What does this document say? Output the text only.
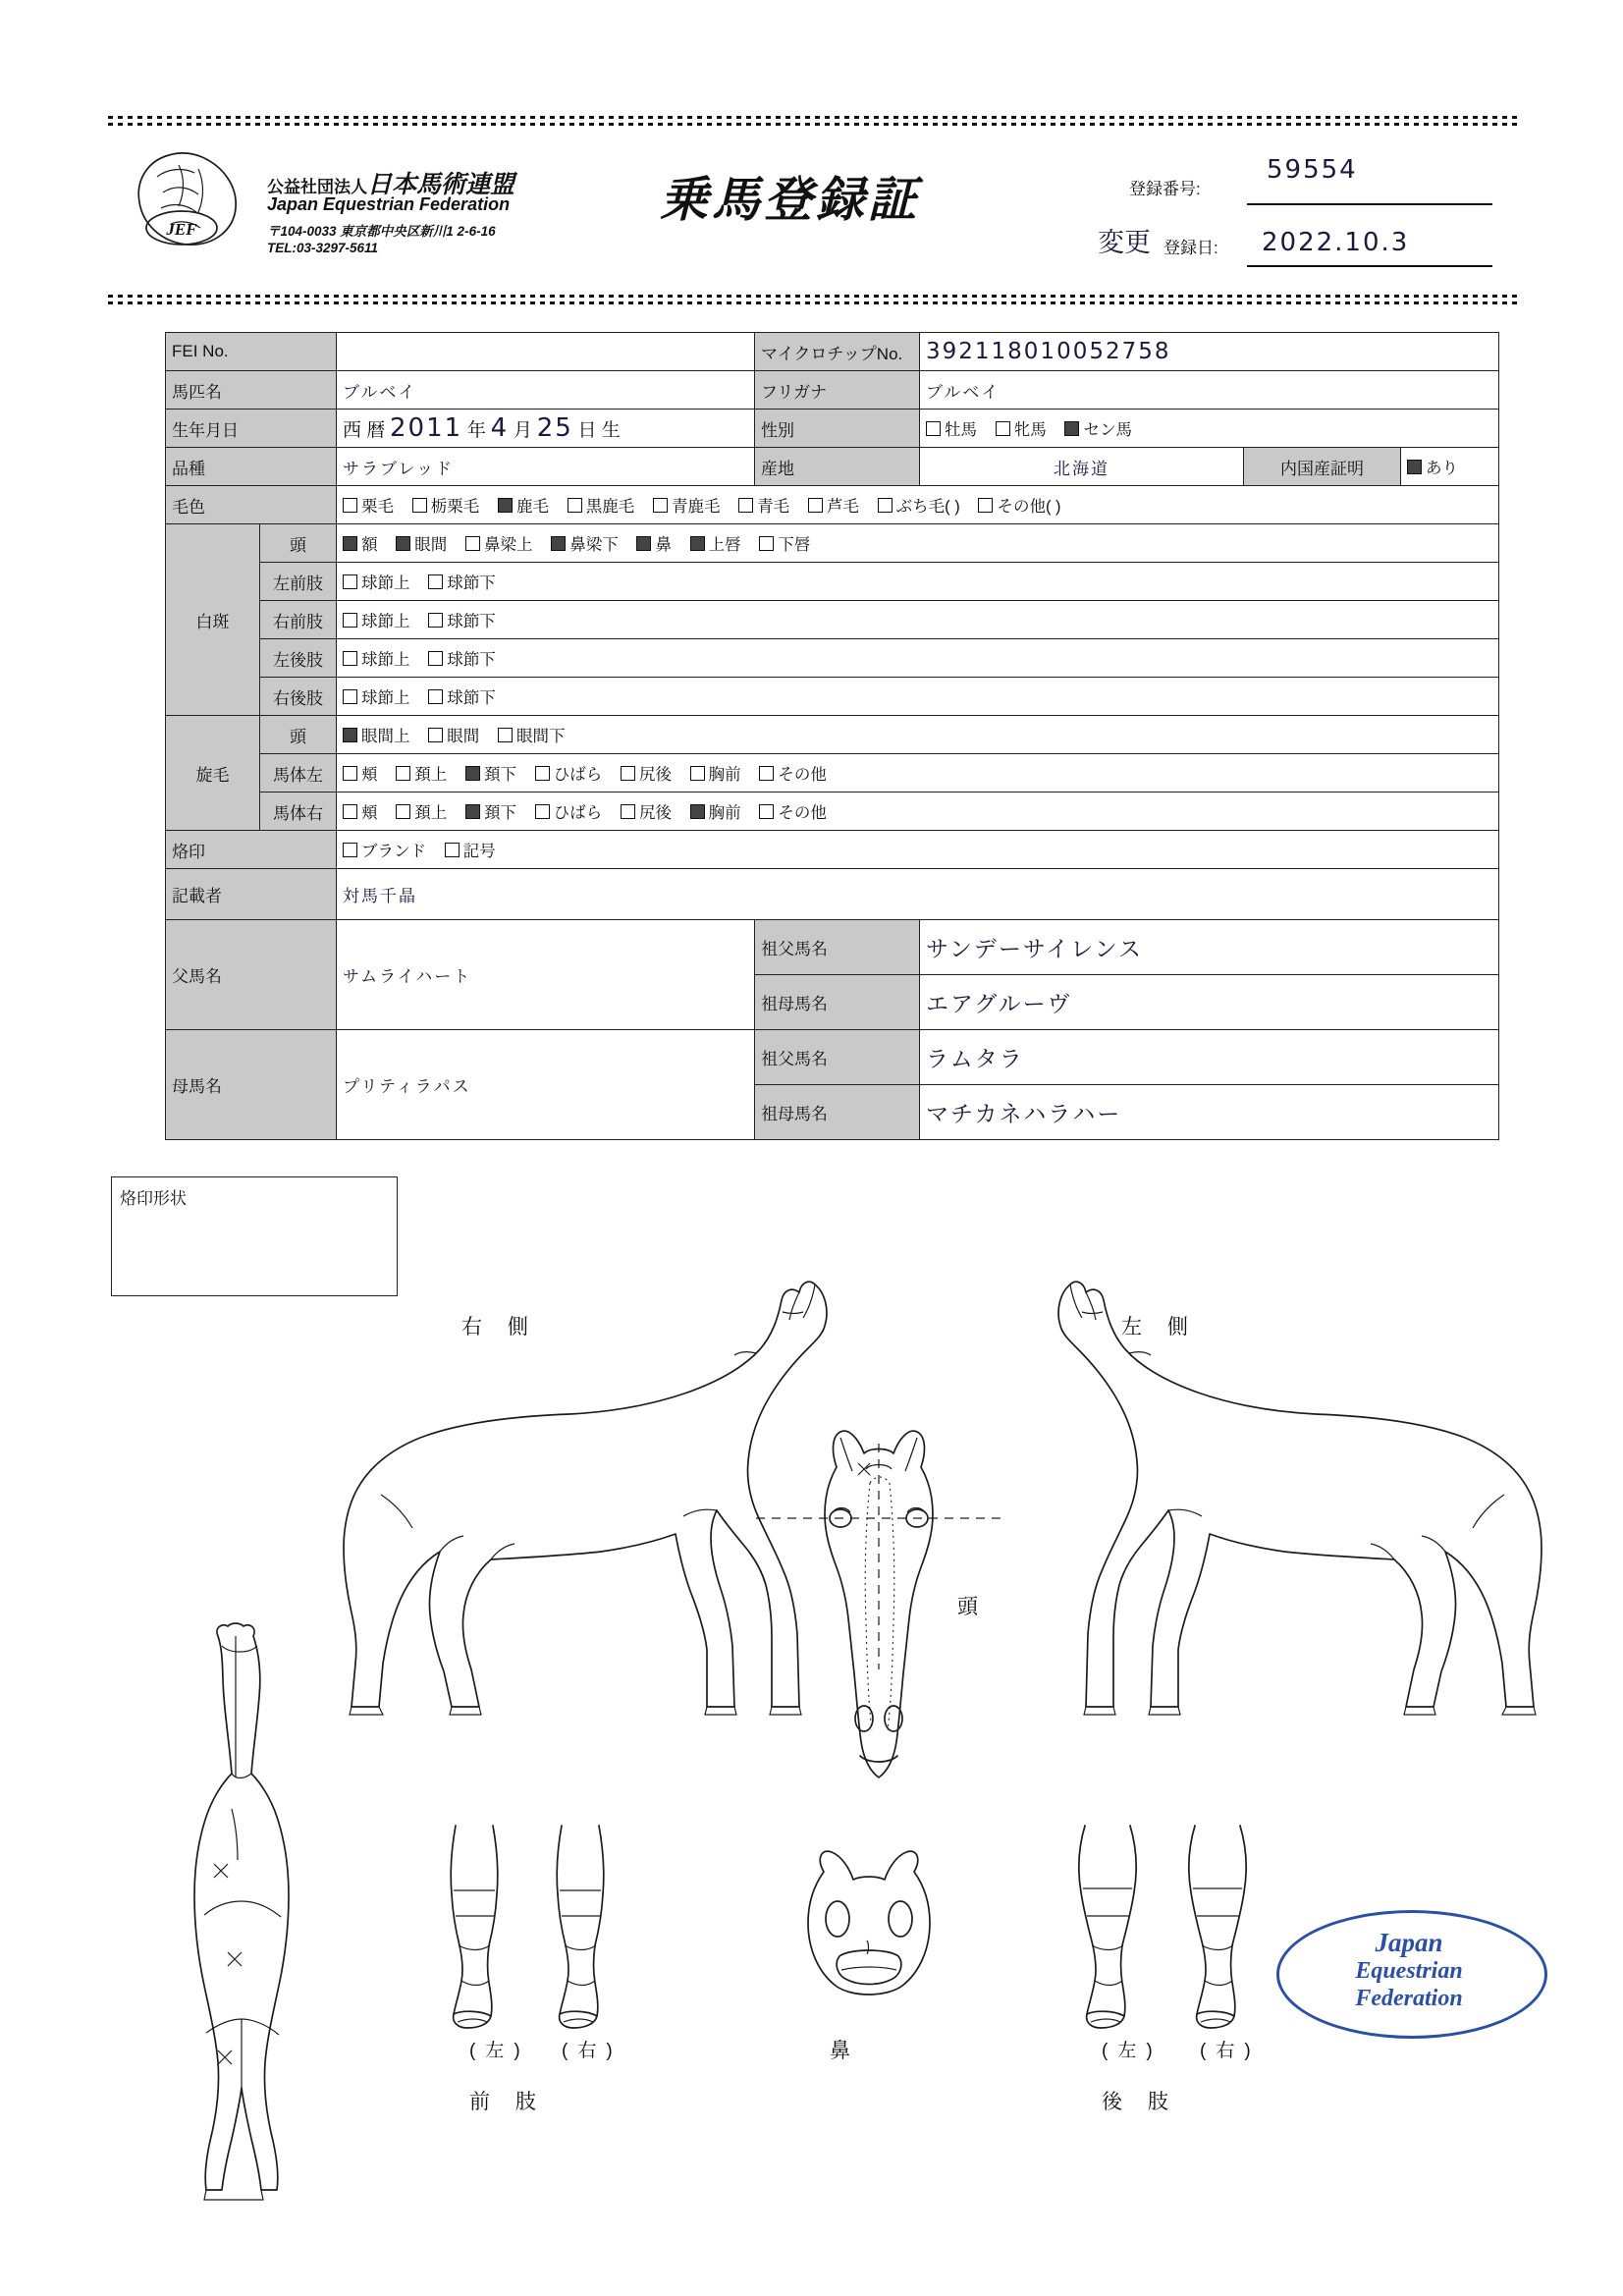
JEF
公益社団法人日本馬術連盟
Japan Equestrian Federation
〒104-0033 東京都中央区新川1 2-6-16
TEL:03-3297-5611
乗馬登録証	登録番号:
59554
変更 登録日: 2022.10.3
FEI No.			マイクロチップNo.	392118010052758		
馬匹名		ブルベイ	フリガナ	ブルベイ		
生年月日		西 暦 2011 年 4 月 25 日 生	性別	牡馬 牝馬 セン馬		
品種		サラブレッド	産地	北海道	内国産証明	あり
毛色		栗毛 栃栗毛 鹿毛 黒鹿毛 青鹿毛 青毛 芦毛 ぶち毛( ) その他( )				
白斑	頭	額 眼間 鼻梁上 鼻梁下 鼻 上唇 下唇				
	左前肢	球節上 球節下				
	右前肢	球節上 球節下				
	左後肢	球節上 球節下				
	右後肢	球節上 球節下				
旋毛	頭	眼間上 眼間 眼間下				
	馬体左	頬 頚上 頚下 ひばら 尻後 胸前 その他				
	馬体右	頬 頚上 頚下 ひばら 尻後 胸前 その他				
烙印		ブランド 記号				
記載者		対馬千晶				
父馬名		サムライハート	祖父馬名	サンデーサイレンス		
			祖母馬名	エアグルーヴ		
母馬名		プリティラパス	祖父馬名	ラムタラ		
			祖母馬名	マチカネハラハー		
烙印形状
右 側	左 側
頭
鼻
(左) (右)
前 肢
(左) (右)
後 肢
Japan
Equestrian
Federation
